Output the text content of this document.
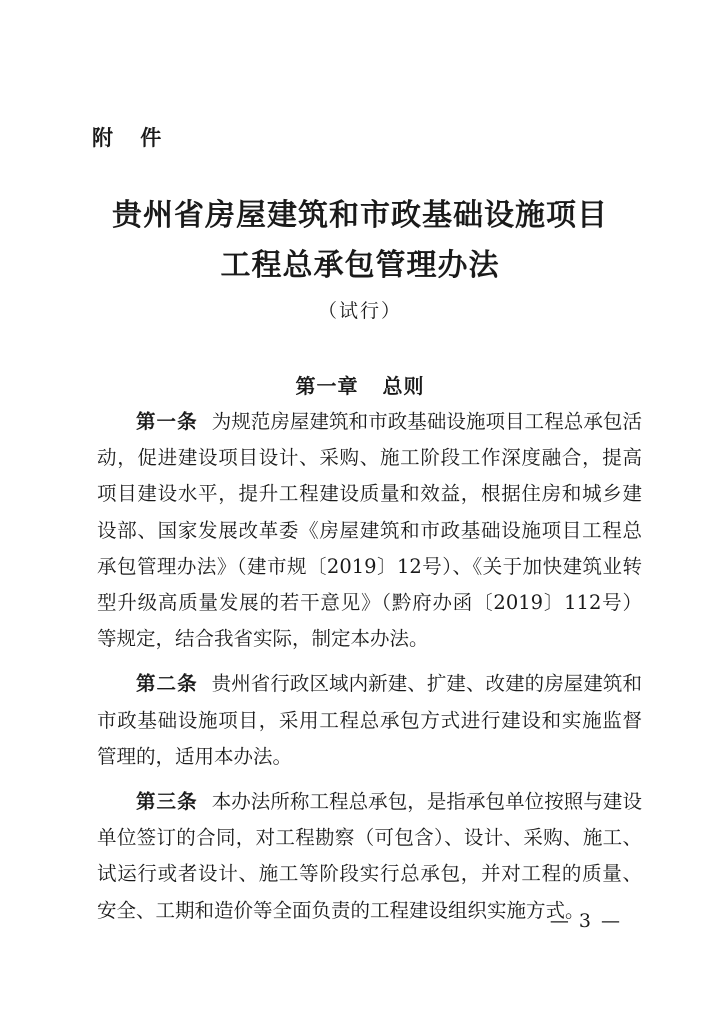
附 件
贵州省房屋建筑和市政基础设施项目
工程总承包管理办法
（试行）
第一章 总则

第一条 为规范房屋建筑和市政基础设施项目工程总承包活动，促进建设项目设计、采购、施工阶段工作深度融合，提高项目建设水平，提升工程建设质量和效益，根据住房和城乡建设部、国家发展改革委《房屋建筑和市政基础设施项目工程总承包管理办法》（建市规〔2019〕12号）、《关于加快建筑业转型升级高质量发展的若干意见》（黔府办函〔2019〕112号）等规定，结合我省实际，制定本办法。

第二条 贵州省行政区域内新建、扩建、改建的房屋建筑和市政基础设施项目，采用工程总承包方式进行建设和实施监督管理的，适用本办法。

第三条 本办法所称工程总承包，是指承包单位按照与建设单位签订的合同，对工程勘察（可包含）、设计、采购、施工、试运行或者设计、施工等阶段实行总承包，并对工程的质量、安全、工期和造价等全面负责的工程建设组织实施方式。

— 3 —
